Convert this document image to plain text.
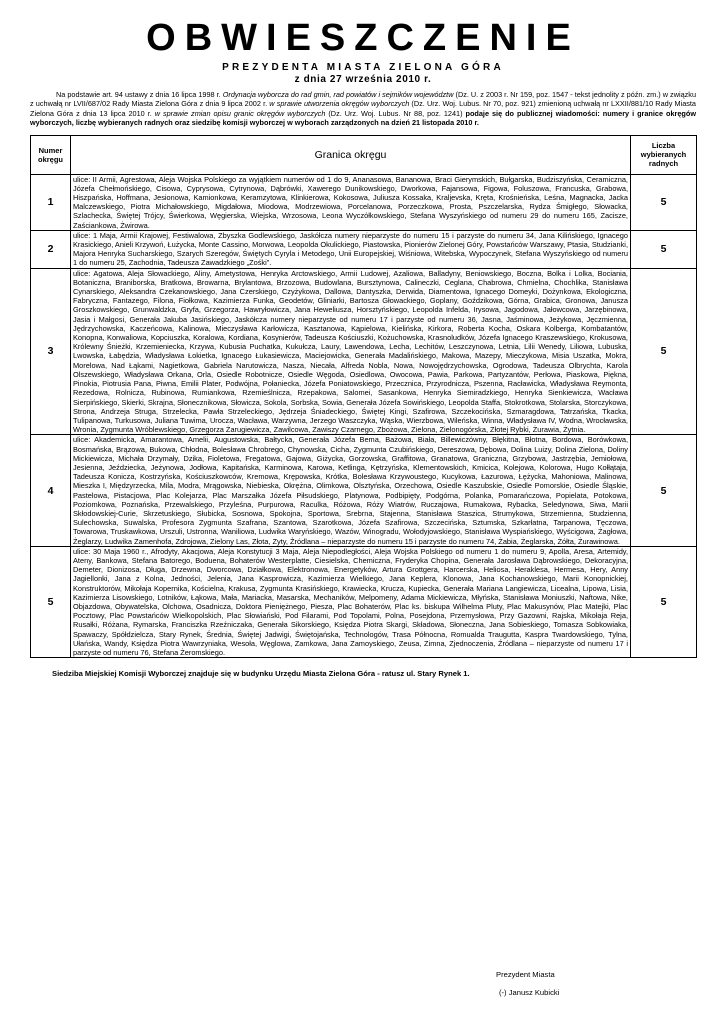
OBWIESZCZENIE
PREZYDENTA MIASTA ZIELONA GÓRA
z dnia 27 września 2010 r.
Na podstawie art. 94 ustawy z dnia 16 lipca 1998 r. Ordynacja wyborcza do rad gmin, rad powiatów i sejmików województw (Dz. U. z 2003 r. Nr 159, poz. 1547 - tekst jednolity z późn. zm.) w związku z uchwałą nr LVII/687/02 Rady Miasta Zielona Góra z dnia 9 lipca 2002 r. w sprawie utworzenia okręgów wyborczych (Dz. Urz. Woj. Lubus. Nr 70, poz. 921) zmienioną uchwałą nr LXXII/881/10 Rady Miasta Zielona Góra z dnia 13 lipca 2010 r. w sprawie zmian opisu granic okręgów wyborczych (Dz. Urz. Woj. Lubus. Nr 88, poz. 1241) podaje się do publicznej wiadomości: numery i granice okręgów wyborczych, liczbę wybieranych radnych oraz siedzibę komisji wyborczej w wyborach zarządzonych na dzień 21 listopada 2010 r.
Numer okręgu	Granica okręgu	Liczba wybieranych radnych
1	ulice: II Armii, Agrestowa, Aleja Wojska Polskiego za wyjątkiem numerów od 1 do 9, Ananasowa, Bananowa, Braci Gierymskich, Bułgarska, Budziszyńska, Ceramiczna, Józefa Chełmońskiego, Cisowa, Cyprysowa, Cytrynowa, Dąbrówki, Xawerego Dunikowskiego, Dworkowa, Fajansowa, Figowa, Foluszowa, Francuska, Grabowa, Hiszpańska, Hoffmana, Jesionowa, Kamionkowa, Keramzytowa, Klinkierowa, Kokosowa, Juliusza Kossaka, Kraljevska, Kręta, Krośnieńska, Leśna, Magnacka, Jacka Malczewskiego, Piotra Michałowskiego, Migdałowa, Miodowa, Modrzewiowa, Porcelanowa, Porzeczkowa, Prosta, Pszczelarska, Rydza Śmigłego, Słowacka, Szlachecka, Świętej Trójcy, Świerkowa, Węgierska, Wiejska, Wrzosowa, Leona Wyczółkowskiego, Stefana Wyszyńskiego od numeru 29 do numeru 165, Zacisze, Zaściankowa, Żwirowa.	5
2	ulice: 1 Maja, Armii Krajowej, Festiwalowa, Zbyszka Godlewskiego, Jaskółcza numery nieparzyste do numeru 15 i parzyste do numeru 34, Jana Kilińskiego, Ignacego Krasickiego, Anieli Krzywoń, Łużycka, Monte Cassino, Morwowa, Leopolda Okulickiego, Piastowska, Pionierów Zielonej Góry, Powstańców Warszawy, Ptasia, Studzianki, Majora Henryka Sucharskiego, Szarych Szeregów, Świętych Cyryla i Metodego, Unii Europejskiej, Wiśniowa, Witebska, Wypoczynek, Stefana Wyszyńskiego od numeru 1 do numeru 25, Zachodnia, Tadeusza Zawadzkiego „Zośki”.	5
3	ulice: Agatowa, Aleja Słowackiego, Aliny, Ametystowa, Henryka Arctowskiego, Armii Ludowej, Azaliowa, Balladyny, Beniowskiego, Boczna, Bolka i Lolka, Bociania, Botaniczna, Braniborska, Bratkowa, Browarna, Brylantowa, Brzozowa, Budowlana, Bursztynowa, Calineczki, Ceglana, Chabrowa, Chmielna, Chochlika, Stanisława Cynarskiego, Aleksandra Czekanowskiego, Jana Czerskiego, Czyżykowa, Dallowa, Dantyszka, Derwida, Diamentowa, Ignacego Domeyki, Dożynkowa, Ekologiczna, Fabryczna, Fantazego, Filona, Fiołkowa, Kazimierza Funka, Geodetów, Gliniarki, Bartosza Głowackiego, Goplany, Goździkowa, Górna, Grabica, Gronowa, Janusza Groszkowskiego, Grunwaldzka, Gryfa, Grzegorza, Hawryłowicza, Jana Heweliusza, Horsztyńskiego, Leopolda Infelda, Irysowa, Jagodowa, Jałowcowa, Jarzębinowa, Jasia i Małgosi, Generała Jakuba Jasińskiego, Jaskółcza numery nieparzyste od numeru 17 i parzyste od numeru 36, Jasna, Jaśminowa, Jeżykowa, Jęczmienna, Jędrzychowska, Kaczeńcowa, Kalinowa, Mieczysława Karłowicza, Kasztanowa, Kąpielowa, Kielińska, Kirkora, Roberta Kocha, Oskara Kolberga, Kombatantów, Konopna, Konwaliowa, Kopciuszka, Koralowa, Kordiana, Kosynierów, Tadeusza Kościuszki, Kożuchowska, Krasnoludków, Józefa Ignacego Kraszewskiego, Krokusowa, Królewny Śnieżki, Krzemieniecka, Krzywa, Kubusia Puchatka, Kukułcza, Laury, Lawendowa, Lecha, Lechitów, Leszczynowa, Letnia, Lilii Wenedy, Liliowa, Lubuska, Lwowska, Łabędzia, Władysława Łokietka, Ignacego Łukasiewicza, Maciejowicka, Generała Madalińskiego, Makowa, Mazepy, Mieczykowa, Misia Uszatka, Mokra, Morelowa, Nad Łąkami, Nagietkowa, Gabriela Narutowicza, Nasza, Niecała, Alfreda Nobla, Nowa, Nowojędrzychowska, Ogrodowa, Tadeusza Olbrychta, Karola Olszewskiego, Władysława Orkana, Orla, Osiedle Robotnicze, Osiedle Węgoda, Osiedlowa, Owocowa, Pawia, Parkowa, Partyzantów, Perłowa, Piaskowa, Piękna, Pinokia, Piotrusia Pana, Piwna, Emilii Plater, Podwójna, Połaniecka, Józefa Poniatowskiego, Przecznica, Przyrodnicza, Pszenna, Racławicka, Władysława Reymonta, Rezedowa, Rolnicza, Rubinowa, Rumiankowa, Rzemieślnicza, Rzepakowa, Salomei, Sasankowa, Henryka Siemiradzkiego, Henryka Sienkiewicza, Wacława Sierpińskiego, Skierki, Skrajna, Słonecznikowa, Słowicza, Sokola, Sorbska, Sowia, Generała Józefa Sowińskiego, Leopolda Staffa, Stokrotkowa, Stolarska, Storczykowa, Strona, Andrzeja Struga, Strzelecka, Pawła Strzeleckiego, Jędrzeja Śniadeckiego, Świętej Kingi, Szafirowa, Szczekocińska, Szmaragdowa, Tatrzańska, Tkacka, Tulipanowa, Turkusowa, Juliana Tuwima, Urocza, Wacława, Warzywna, Jerzego Waszczyka, Wąska, Wierzbowa, Wileńska, Winna, Władysława IV, Wodna, Wrocławska, Wronia, Zygmunta Wróblewskiego, Grzegorza Żarugiewicza, Zawilcowa, Zawiszy Czarnego, Zbożowa, Zielona, Zielonogórska, Złotej Rybki, Żurawia, Żytnia.	5
4	ulice: Akademicka, Amarantowa, Amelii, Augustowska, Bałtycka, Generała Józefa Bema, Bażowa, Biała, Billewiczówny, Błękitna, Błotna, Bordowa, Borówkowa, Bosmańska, Brązowa, Bukowa, Chłodna, Bolesława Chrobrego, Chynowska, Cicha, Zygmunta Czubińskiego, Dereszowa, Dębowa, Dolina Luizy, Dolina Zielona, Doliny Mickiewicza, Michała Drzymały, Dzika, Fioletowa, Fregatowa, Gajowa, Giżycka, Gorzowska, Graffitowa, Granatowa, Graniczna, Grzybowa, Jastrzębia, Jemiołowa, Jesienna, Jeździecka, Jeżynowa, Jodłowa, Kapitańska, Karminowa, Karowa, Ketlinga, Kętrzyńska, Klementowskich, Kmicica, Kolejowa, Kolorowa, Hugo Kołłątaja, Tadeusza Konicza, Kostrzyńska, Kościuszkowców, Kremowa, Krępowska, Krótka, Bolesława Krzywoustego, Kucykowa, Łazurowa, Łężycka, Mahoniowa, Malinowa, Mieszka I, Międzyrzecka, Mila, Modra, Mrągowska, Niebieska, Okrężna, Olimkowa, Olsztyńska, Orzechowa, Osiedle Kaszubskie, Osiedle Pomorskie, Osiedle Śląskie, Pastelowa, Pistacjowa, Plac Kolejarza, Plac Marszałka Józefa Piłsudskiego, Platynowa, Podbipięty, Podgórna, Polanka, Pomarańczowa, Popielata, Potokowa, Poziomkowa, Poznańska, Przewalskiego, Przyleśna, Purpurowa, Raculka, Różowa, Róży Wiatrów, Ruczajowa, Rumakowa, Rybacka, Seledynowa, Siwa, Marii Skłodowskiej-Curie, Skrzetuskiego, Słubicka, Sosnowa, Spokojna, Sportowa, Srebrna, Stajenna, Stanisława Staszica, Strumykowa, Strzemienna, Studzienna, Sulechowska, Suwalska, Profesora Zygmunta Szafrana, Szantowa, Szarotkowa, Józefa Szafirowa, Szczecińska, Sztumska, Szkarłatna, Tarpanowa, Tęczowa, Towarowa, Truskawkowa, Urszuli, Ustronna, Waniliowa, Ludwika Waryńskiego, Wazów, Winogradu, Wołodyjowskiego, Stanisława Wyspiańskiego, Wyścigowa, Żagłowa, Żeglarzy, Ludwika Zamenhofa, Zdrojowa, Zielony Las, Złota, Zyty, Źródlana – nieparzyste do numeru 15 i parzyste do numeru 74, Żabia, Żeglarska, Żółta, Żurawinowa.	5
5	ulice: 30 Maja 1960 r., Afrodyty, Akacjowa, Aleja Konstytucji 3 Maja, Aleja Niepodległości, Aleja Wojska Polskiego od numeru 1 do numeru 9, Apolla, Aresa, Artemidy, Ateny, Bankowa, Stefana Batorego, Boduena, Bohaterów Westerplatte, Ciesielska, Chemiczna, Fryderyka Chopina, Generała Jarosława Dąbrowskiego, Dekoracyjna, Demeter, Dionizosa, Długa, Drzewna, Dworcowa, Działkowa, Elektronowa, Energetyków, Artura Grottgera, Harcerska, Heliosa, Heraklesa, Hermesa, Hery, Anny Jagiellonki, Jana z Kolna, Jedności, Jelenia, Jana Kasprowicza, Kazimierza Wielkiego, Jana Keplera, Klonowa, Jana Kochanowskiego, Marii Konopnickiej, Konstruktorów, Mikołaja Kopernika, Kościelna, Krakusa, Zygmunta Krasińskiego, Krawiecka, Krucza, Kupiecka, Generała Mariana Langiewicza, Licealna, Lipowa, Lisia, Kazimierza Lisowskiego, Lotników, Łąkowa, Mała, Mariacka, Masarska, Mechaników, Melpomeny, Adama Mickiewicza, Młyńska, Stanisława Moniuszki, Naftowa, Nike, Objazdowa, Obywatelska, Olchowa, Osadnicza, Doktora Pieniężnego, Piesza, Plac Bohaterów, Plac ks. biskupa Wilhelma Pluty, Plac Makusynów, Plac Matejki, Plac Pocztowy, Plac Powstańców Wielkopolskich, Plac Słowiański, Pod Filarami, Pod Topolami, Polna, Posejdona, Przemysłowa, Przy Gazowni, Rajska, Mikołaja Reja, Rusałki, Różana, Rymarska, Franciszka Rzeźniczaka, Generała Sikorskiego, Księdza Piotra Skargi, Składowa, Słoneczna, Jana Sobieskiego, Tomasza Sobkowiaka, Spawaczy, Spółdzielcza, Stary Rynek, Średnia, Świętej Jadwigi, Świętojańska, Technologów, Trasa Północna, Romualda Traugutta, Kaspra Twardowskiego, Tylna, Ułańska, Wandy, Księdza Piotra Wawrzyniaka, Wesoła, Węglowa, Zamkowa, Jana Zamoyskiego, Zeusa, Zimna, Zjednoczenia, Źródlana – nieparzyste od numeru 17 i parzyste od numeru 76, Stefana Żeromskiego.	5
Siedziba Miejskiej Komisji Wyborczej znajduje się w budynku Urzędu Miasta Zielona Góra - ratusz ul. Stary Rynek 1.
Prezydent Miasta
(-) Janusz Kubicki
